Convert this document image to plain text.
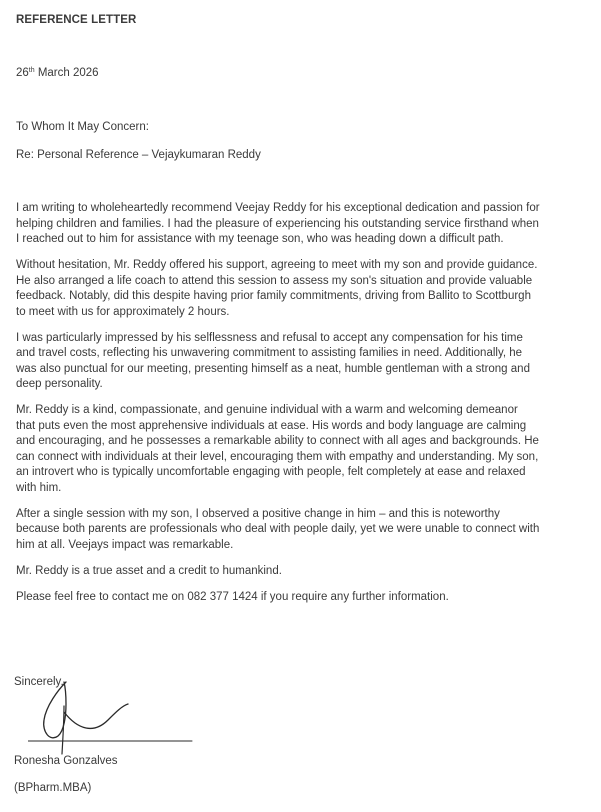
REFERENCE LETTER
26th March 2026
To Whom It May Concern:
Re: Personal Reference – Vejaykumaran Reddy

I am writing to wholeheartedly recommend Veejay Reddy for his exceptional dedication and passion for helping children and families. I had the pleasure of experiencing his outstanding service firsthand when I reached out to him for assistance with my teenage son, who was heading down a difficult path.

Without hesitation, Mr. Reddy offered his support, agreeing to meet with my son and provide guidance. He also arranged a life coach to attend this session to assess my son's situation and provide valuable feedback. Notably, did this despite having prior family commitments, driving from Ballito to Scottburgh to meet with us for approximately 2 hours.

I was particularly impressed by his selflessness and refusal to accept any compensation for his time and travel costs, reflecting his unwavering commitment to assisting families in need. Additionally, he was also punctual for our meeting, presenting himself as a neat, humble gentleman with a strong and deep personality.

Mr. Reddy is a kind, compassionate, and genuine individual with a warm and welcoming demeanor that puts even the most apprehensive individuals at ease. His words and body language are calming and encouraging, and he possesses a remarkable ability to connect with all ages and backgrounds. He can connect with individuals at their level, encouraging them with empathy and understanding. My son, an introvert who is typically uncomfortable engaging with people, felt completely at ease and relaxed with him.

After a single session with my son, I observed a positive change in him – and this is noteworthy because both parents are professionals who deal with people daily, yet we were unable to connect with him at all. Veejays impact was remarkable.

Mr. Reddy is a true asset and a credit to humankind.

Please feel free to contact me on 082 377 1424 if you require any further information.

Sincerely,
Ronesha Gonzalves
(BPharm.MBA)
